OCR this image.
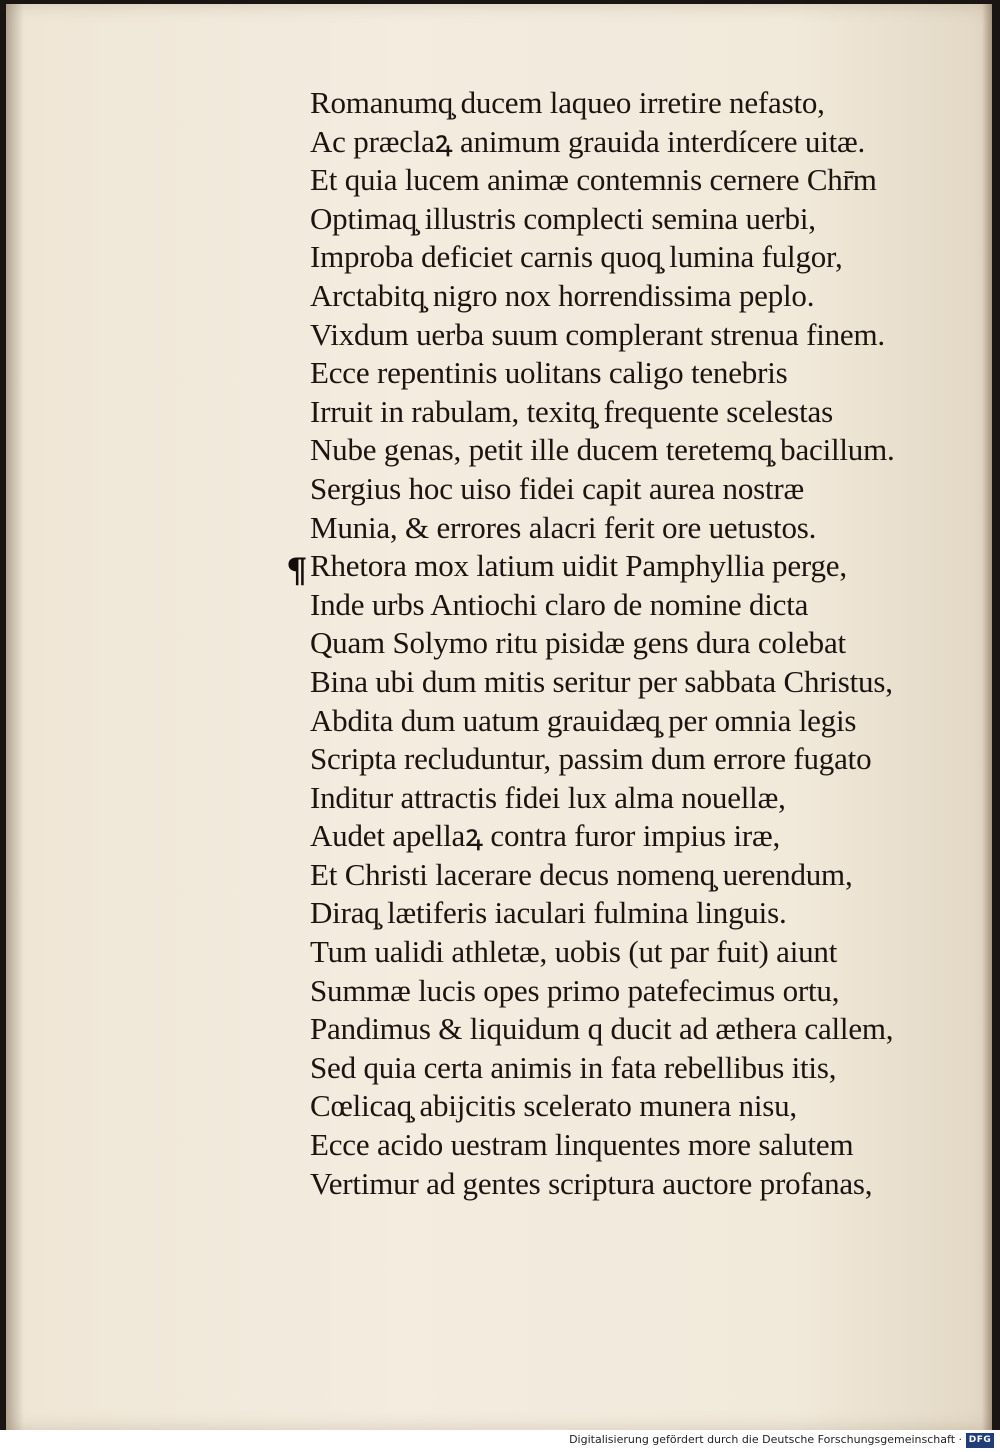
¶
Romanumq̧ ducem laqueo irretire nefasto,
Ac præclaꝝ animum grauida interdícere uitæ.
Et quia lucem animæ contemnis cernere Chr̄m
Optimaq̧ illustris complecti semina uerbi,
Improba deficiet carnis quoq̧ lumina fulgor,
Arctabitq̧ nigro nox horrendissima peplo.
Vixdum uerba suum complerant strenua finem.
Ecce repentinis uolitans caligo tenebris
Irruit in rabulam, texitq̧ frequente scelestas
Nube genas, petit ille ducem teretemq̧ bacillum.
Sergius hoc uiso fidei capit aurea nostræ
Munia, & errores alacri ferit ore uetustos.
Rhetora mox latium uidit Pamphyllia perge,
Inde urbs Antiochi claro de nomine dicta
Quam Solymo ritu pisidæ gens dura colebat
Bina ubi dum mitis seritur per sabbata Christus,
Abdita dum uatum grauidæq̧ per omnia legis
Scripta recluduntur, passim dum errore fugato
Inditur attractis fidei lux alma nouellæ,
Audet apellaꝝ contra furor impius iræ,
Et Christi lacerare decus nomenq̧ uerendum,
Diraq̧ lætiferis iaculari fulmina linguis.
Tum ualidi athletæ, uobis (ut par fuit) aiunt
Summæ lucis opes primo patefecimus ortu,
Pandimus & liquidum q ducit ad æthera callem,
Sed quia certa animis in fata rebellibus itis,
Cœlicaq̧ abijcitis scelerato munera nisu,
Ecce acido uestram linquentes more salutem
Vertimur ad gentes scriptura auctore profanas,
Digitalisierung gefördert durch die Deutsche Forschungsgemeinschaft · DFG
